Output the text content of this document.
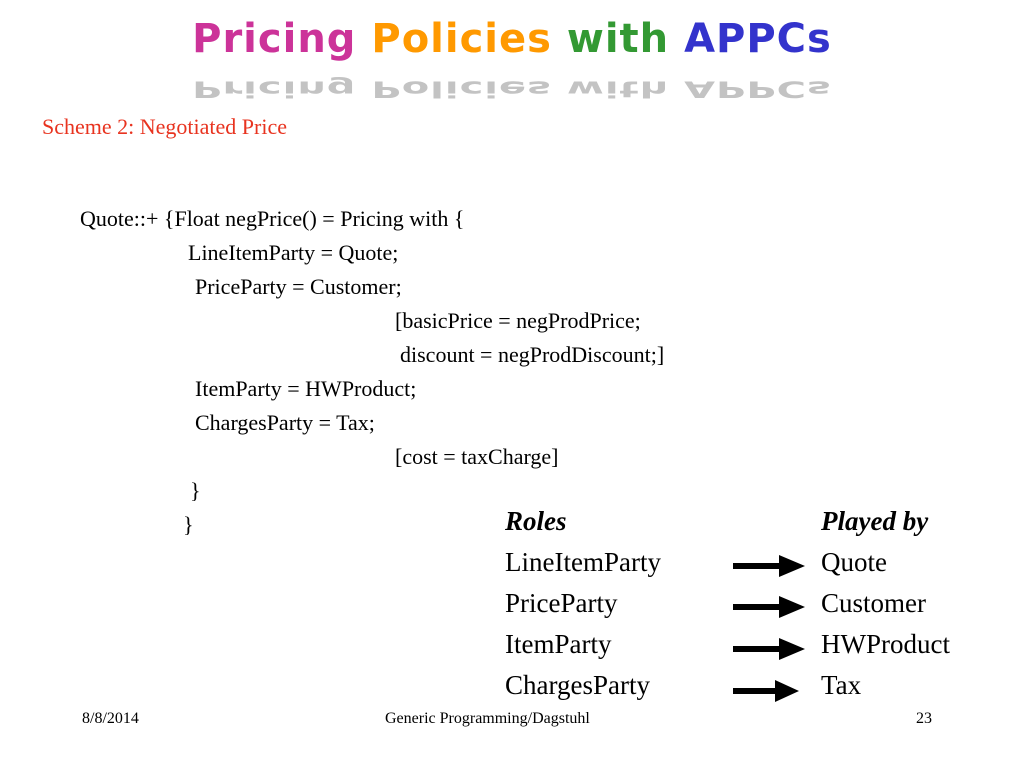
Pricing Policies with APPCs
Pricing Policies with APPCs
Scheme 2: Negotiated Price
Quote::+ {Float negPrice() = Pricing with {
LineItemParty = Quote;
PriceParty = Customer;
[basicPrice = negProdPrice;
discount = negProdDiscount;]
ItemParty = HWProduct;
ChargesParty = Tax;
[cost = taxCharge]
}
}	Roles	Played by
LineItemParty	Quote
PriceParty	Customer
ItemParty	HWProduct
ChargesParty	Tax
8/8/2014	Generic Programming/Dagstuhl	23
